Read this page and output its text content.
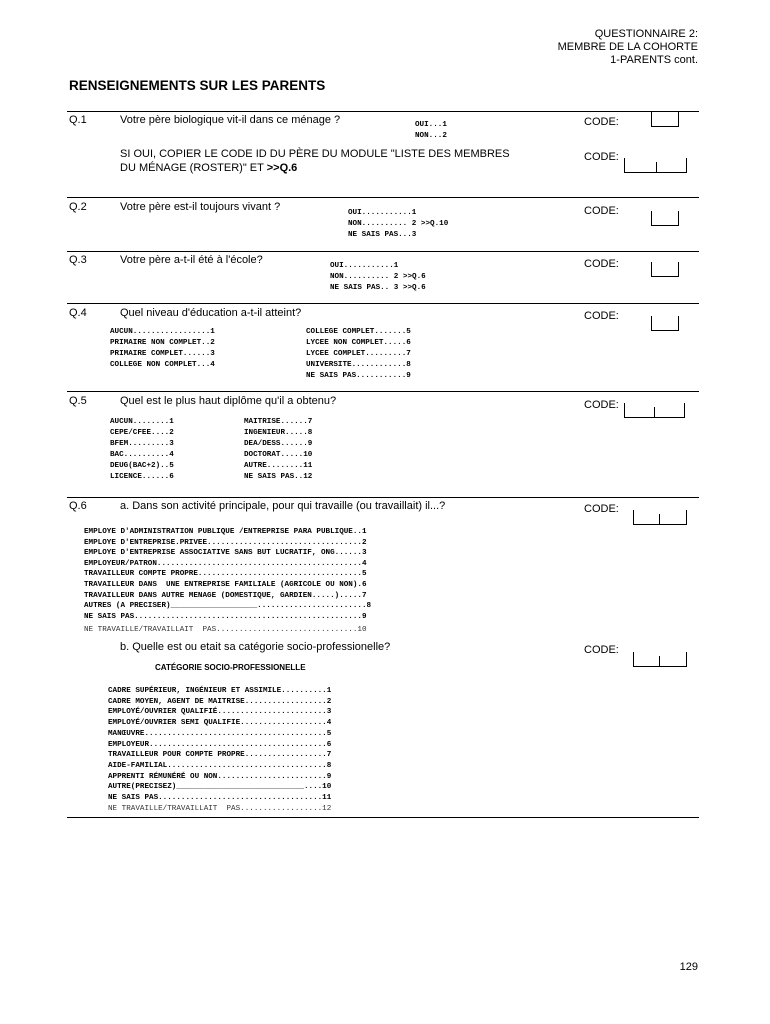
QUESTIONNAIRE 2:
MEMBRE DE LA COHORTE
1-PARENTS cont.
RENSEIGNEMENTS SUR LES PARENTS
Q.1	Votre père biologique vit-il dans ce ménage ?	OUI...1
NON...2
CODE:
SI OUI, COPIER LE CODE ID DU PÈRE DU MODULE "LISTE DES MEMBRES
DU MÉNAGE (ROSTER)" ET >>Q.6
CODE:
Q.2	Votre père est-il toujours vivant ?	OUI...........1
NON.......... 2 >>Q.10
NE SAIS PAS...3
CODE:
Q.3	Votre père a-t-il été à l'école?	OUI...........1
NON.......... 2 >>Q.6
NE SAIS PAS.. 3 >>Q.6
CODE:
Q.4	Quel niveau d'éducation a-t-il atteint?
AUCUN.................1
PRIMAIRE NON COMPLET..2
PRIMAIRE COMPLET......3
COLLEGE NON COMPLET...4
COLLEGE COMPLET.......5
LYCEE NON COMPLET.....6
LYCEE COMPLET.........7
UNIVERSITE............8
NE SAIS PAS...........9
CODE:
Q.5	Quel est le plus haut diplôme qu'il a obtenu?
AUCUN........1
CEPE/CFEE....2
BFEM.........3
BAC..........4
DEUG(BAC+2)..5
LICENCE......6
MAITRISE......7
INGENIEUR.....8
DEA/DESS......9
DOCTORAT.....10
AUTRE........11
NE SAIS PAS..12
CODE:
Q.6	a. Dans son activité principale, pour qui travaille (ou travaillait) il...?	CODE:
EMPLOYE D'ADMINISTRATION PUBLIQUE /ENTREPRISE PARA PUBLIQUE..1
EMPLOYE D'ENTREPRISE.PRIVEE..................................2
EMPLOYE D'ENTREPRISE ASSOCIATIVE SANS BUT LUCRATIF, ONG......3
EMPLOYEUR/PATRON.............................................4
TRAVAILLEUR COMPTE PROPRE....................................5
TRAVAILLEUR DANS  UNE ENTREPRISE FAMILIALE (AGRICOLE OU NON).6
TRAVAILLEUR DANS AUTRE MENAGE (DOMESTIQUE, GARDIEN.....).....7
AUTRES (A PRECISER)___________________........................8
NE SAIS PAS..................................................9
NE TRAVAILLE/TRAVAILLAIT  PAS...............................10
b. Quelle est ou etait sa catégorie socio-professionelle?	CODE:
CATÉGORIE SOCIO-PROFESSIONELLE
CADRE SUPÉRIEUR, INGÉNIEUR ET ASSIMILE..........1
CADRE MOYEN, AGENT DE MAITRISE..................2
EMPLOYÉ/OUVRIER QUALIFIÉ........................3
EMPLOYÉ/OUVRIER SEMI QUALIFIE...................4
MANŒUVRE........................................5
EMPLOYEUR.......................................6
TRAVAILLEUR POUR COMPTE PROPRE..................7
AIDE-FAMILIAL...................................8
APPRENTI RÉMUNÉRÉ OU NON........................9
AUTRE(PRECISEZ)____________________________....10
NE SAIS PAS....................................11
NE TRAVAILLE/TRAVAILLAIT  PAS..................12
129
